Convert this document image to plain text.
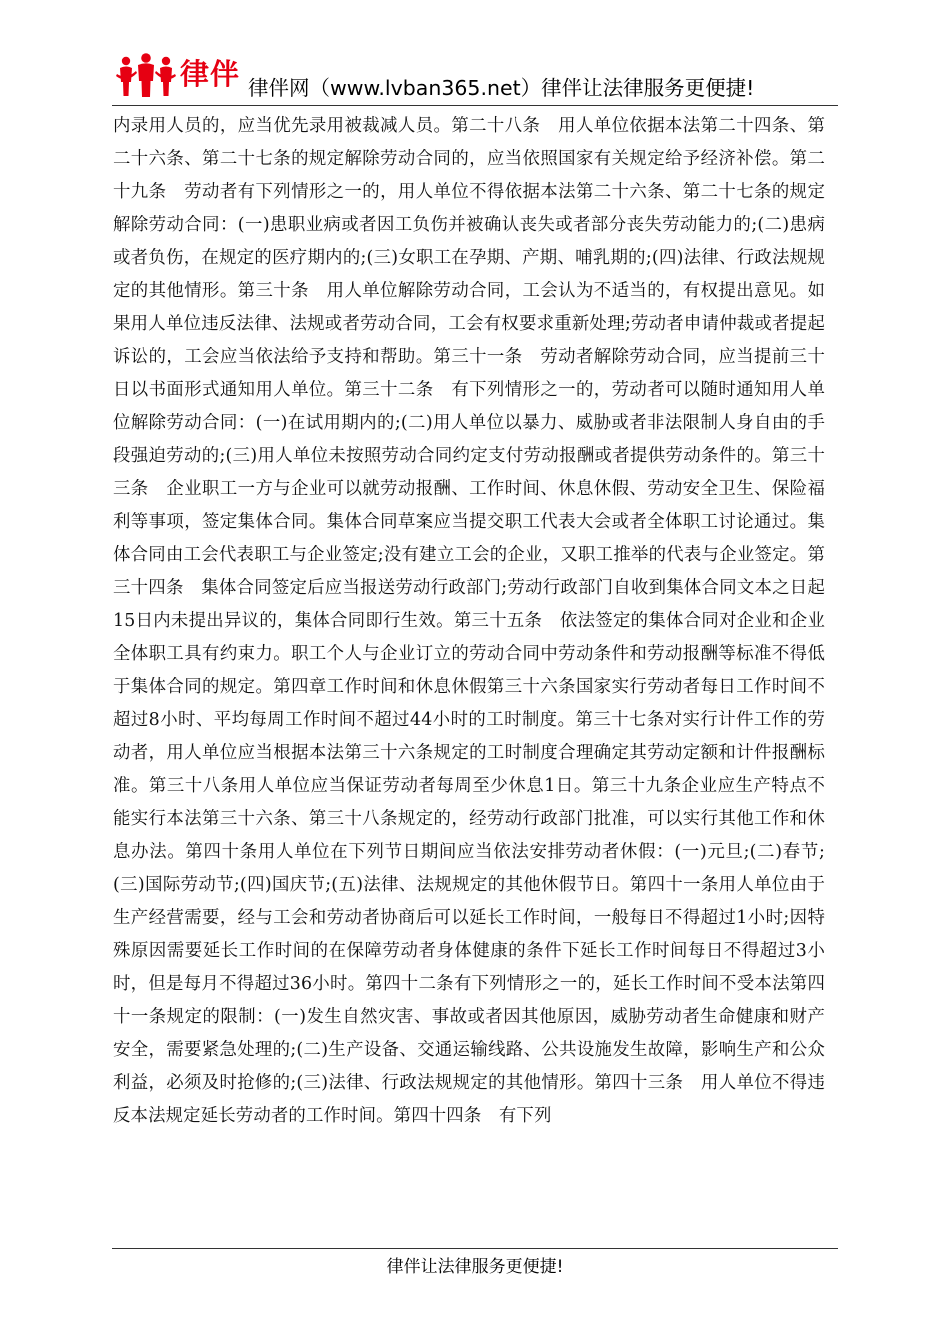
律伴 律伴网（www.lvban365.net）律伴让法律服务更便捷!
内录用人员的，应当优先录用被裁减人员。第二十八条　用人单位依据本法第二十四条、第二十六条、第二十七条的规定解除劳动合同的，应当依照国家有关规定给予经济补偿。第二十九条　劳动者有下列情形之一的，用人单位不得依据本法第二十六条、第二十七条的规定解除劳动合同：(一)患职业病或者因工负伤并被确认丧失或者部分丧失劳动能力的;(二)患病或者负伤，在规定的医疗期内的;(三)女职工在孕期、产期、哺乳期的;(四)法律、行政法规规定的其他情形。第三十条　用人单位解除劳动合同，工会认为不适当的，有权提出意见。如果用人单位违反法律、法规或者劳动合同，工会有权要求重新处理;劳动者申请仲裁或者提起诉讼的，工会应当依法给予支持和帮助。第三十一条　劳动者解除劳动合同，应当提前三十日以书面形式通知用人单位。第三十二条　有下列情形之一的，劳动者可以随时通知用人单位解除劳动合同：(一)在试用期内的;(二)用人单位以暴力、威胁或者非法限制人身自由的手段强迫劳动的;(三)用人单位未按照劳动合同约定支付劳动报酬或者提供劳动条件的。第三十三条　企业职工一方与企业可以就劳动报酬、工作时间、休息休假、劳动安全卫生、保险福利等事项，签定集体合同。集体合同草案应当提交职工代表大会或者全体职工讨论通过。集体合同由工会代表职工与企业签定;没有建立工会的企业，又职工推举的代表与企业签定。第三十四条　集体合同签定后应当报送劳动行政部门;劳动行政部门自收到集体合同文本之日起15日内未提出异议的，集体合同即行生效。第三十五条　依法签定的集体合同对企业和企业全体职工具有约束力。职工个人与企业订立的劳动合同中劳动条件和劳动报酬等标准不得低于集体合同的规定。第四章工作时间和休息休假第三十六条国家实行劳动者每日工作时间不超过8小时、平均每周工作时间不超过44小时的工时制度。第三十七条对实行计件工作的劳动者，用人单位应当根据本法第三十六条规定的工时制度合理确定其劳动定额和计件报酬标准。第三十八条用人单位应当保证劳动者每周至少休息1日。第三十九条企业应生产特点不能实行本法第三十六条、第三十八条规定的，经劳动行政部门批准，可以实行其他工作和休息办法。第四十条用人单位在下列节日期间应当依法安排劳动者休假：(一)元旦;(二)春节;(三)国际劳动节;(四)国庆节;(五)法律、法规规定的其他休假节日。第四十一条用人单位由于生产经营需要，经与工会和劳动者协商后可以延长工作时间，一般每日不得超过1小时;因特殊原因需要延长工作时间的在保障劳动者身体健康的条件下延长工作时间每日不得超过3小时，但是每月不得超过36小时。第四十二条有下列情形之一的，延长工作时间不受本法第四十一条规定的限制：(一)发生自然灾害、事故或者因其他原因，威胁劳动者生命健康和财产安全，需要紧急处理的;(二)生产设备、交通运输线路、公共设施发生故障，影响生产和公众利益，必须及时抢修的;(三)法律、行政法规规定的其他情形。第四十三条　用人单位不得违反本法规定延长劳动者的工作时间。第四十四条　有下列
律伴让法律服务更便捷!
